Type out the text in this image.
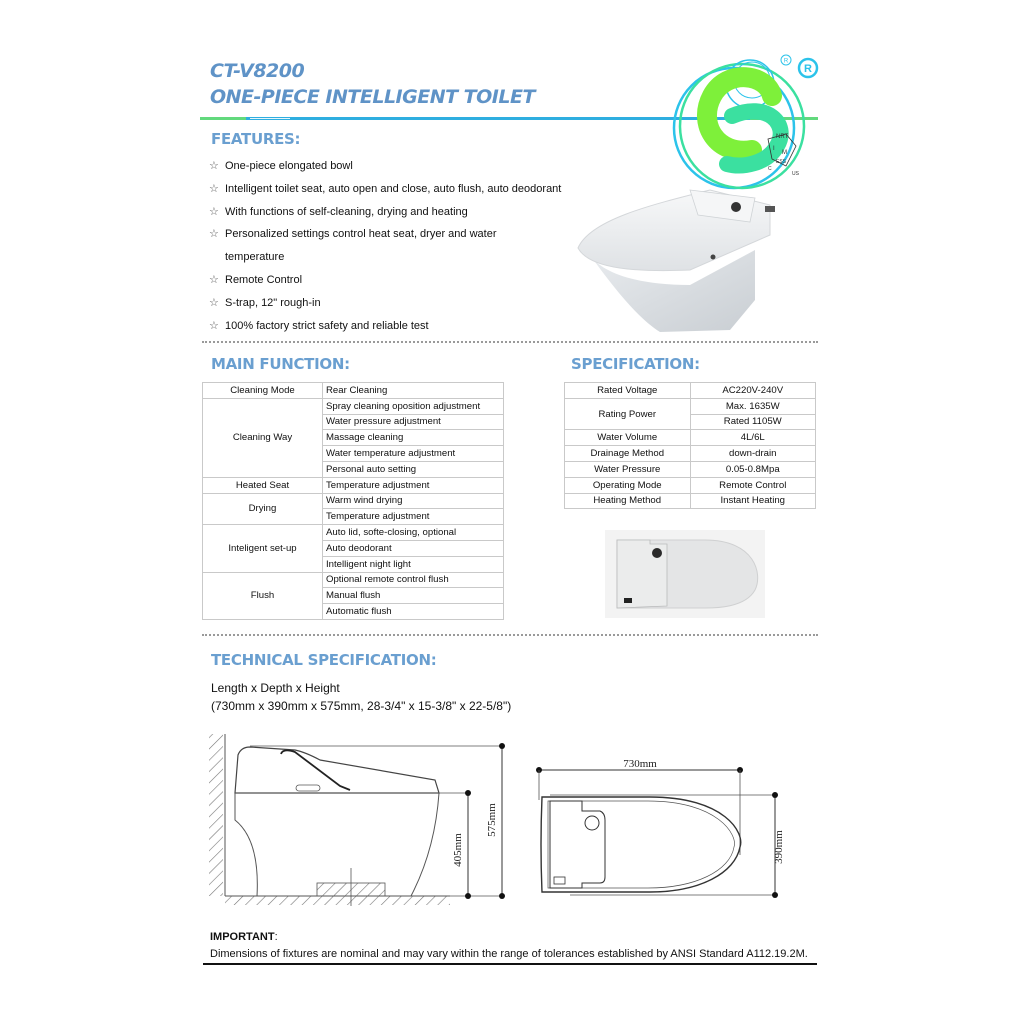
CT-V8200
ONE-PIECE INTELLIGENT TOILET
R
R
NRT
I
M
ESS
C
US
FEATURES:
☆ One-piece elongated bowl
☆ Intelligent toilet seat, auto open and close, auto flush, auto deodorant
☆ With functions of self-cleaning, drying and heating
☆ Personalized settings control heat seat, dryer and water
temperature
☆ Remote Control
☆ S-trap, 12" rough-in
☆ 100% factory strict safety and reliable test
MAIN FUNCTION:
Cleaning Mode	Rear Cleaning
Cleaning Way	Spray cleaning oposition adjustment
	Water pressure adjustment
	Massage cleaning
	Water temperature adjustment
	Personal auto setting
Heated Seat	Temperature adjustment
Drying	Warm wind drying
	Temperature adjustment
Inteligent set-up	Auto lid, softe-closing, optional
	Auto deodorant
	Intelligent night light
Flush	Optional remote control flush
	Manual flush
	Automatic flush
SPECIFICATION:
Rated Voltage	AC220V-240V
Rating Power	Max. 1635W
	Rated 1105W
Water Volume	4L/6L
Drainage Method	down-drain
Water Pressure	0.05-0.8Mpa
Operating Mode	Remote Control
Heating Method	Instant Heating
TECHNICAL SPECIFICATION:
Length x Depth x Height
(730mm x 390mm x 575mm, 28-3/4" x 15-3/8" x 22-5/8")
405mm
575mm
730mm
390mm
IMPORTANT:
Dimensions of fixtures are nominal and may vary within the range of tolerances established by ANSI Standard A112.19.2M.
